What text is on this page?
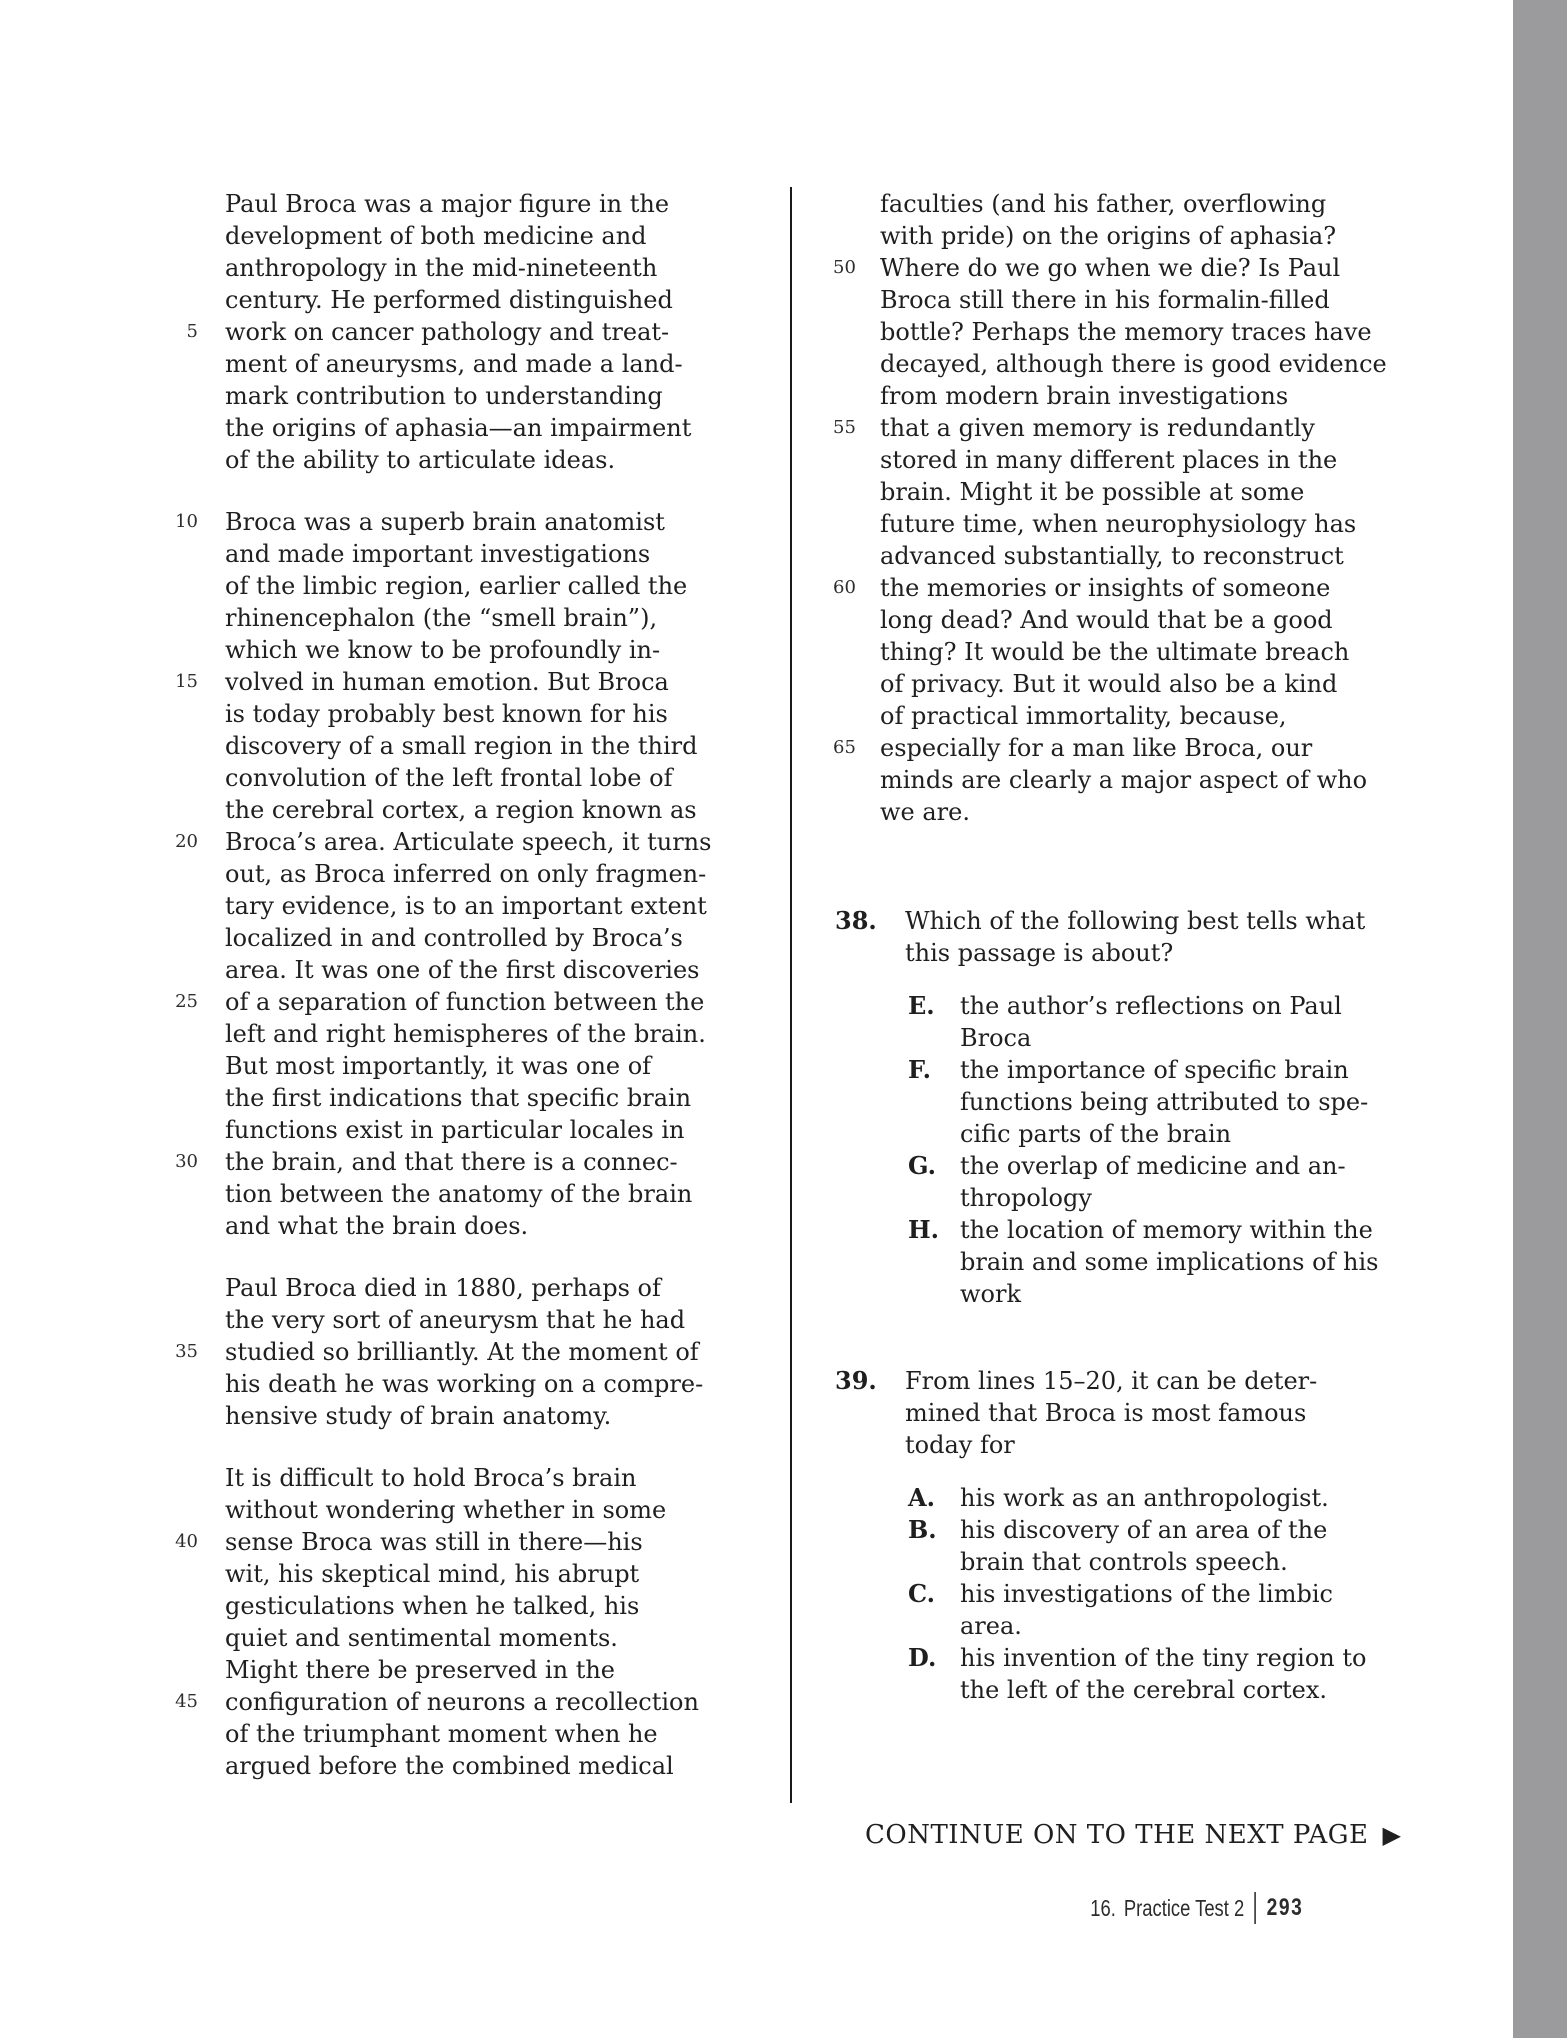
Paul Broca was a major figure in the
development of both medicine and
anthropology in the mid-nineteenth
century. He performed distinguished
5 work on cancer pathology and treat-
ment of aneurysms, and made a land-
mark contribution to understanding
the origins of aphasia—an impairment
of the ability to articulate ideas.
10 Broca was a superb brain anatomist
and made important investigations
of the limbic region, earlier called the
rhinencephalon (the “smell brain”),
which we know to be profoundly in-
15 volved in human emotion. But Broca
is today probably best known for his
discovery of a small region in the third
convolution of the left frontal lobe of
the cerebral cortex, a region known as
20 Broca’s area. Articulate speech, it turns
out, as Broca inferred on only fragmen-
tary evidence, is to an important extent
localized in and controlled by Broca’s
area. It was one of the first discoveries
25 of a separation of function between the
left and right hemispheres of the brain.
But most importantly, it was one of
the first indications that specific brain
functions exist in particular locales in
30 the brain, and that there is a connec-
tion between the anatomy of the brain
and what the brain does.
Paul Broca died in 1880, perhaps of
the very sort of aneurysm that he had
35 studied so brilliantly. At the moment of
his death he was working on a compre-
hensive study of brain anatomy.
It is difficult to hold Broca’s brain
without wondering whether in some
40 sense Broca was still in there—his
wit, his skeptical mind, his abrupt
gesticulations when he talked, his
quiet and sentimental moments.
Might there be preserved in the
45 configuration of neurons a recollection
of the triumphant moment when he
argued before the combined medical
faculties (and his father, overflowing
with pride) on the origins of aphasia?
50 Where do we go when we die? Is Paul
Broca still there in his formalin-filled
bottle? Perhaps the memory traces have
decayed, although there is good evidence
from modern brain investigations
55 that a given memory is redundantly
stored in many different places in the
brain. Might it be possible at some
future time, when neurophysiology has
advanced substantially, to reconstruct
60 the memories or insights of someone
long dead? And would that be a good
thing? It would be the ultimate breach
of privacy. But it would also be a kind
of practical immortality, because,
65 especially for a man like Broca, our
minds are clearly a major aspect of who
we are.
38.	Which of the following best tells what
this passage is about?
E.	the author’s reflections on Paul
Broca
F.	the importance of specific brain
functions being attributed to spe-
cific parts of the brain
G.	the overlap of medicine and an-
thropology
H. the location of memory within the
brain and some implications of his
work
39.	From lines 15–20, it can be deter-
mined that Broca is most famous
today for
A.	his work as an anthropologist.
B. his discovery of an area of the
brain that controls speech.
C.	his investigations of the limbic
area.
D. his invention of the tiny region to
the left of the cerebral cortex.
CONTINUE ON TO THE NEXT PAGE ▶
16. Practice Test 2 293
